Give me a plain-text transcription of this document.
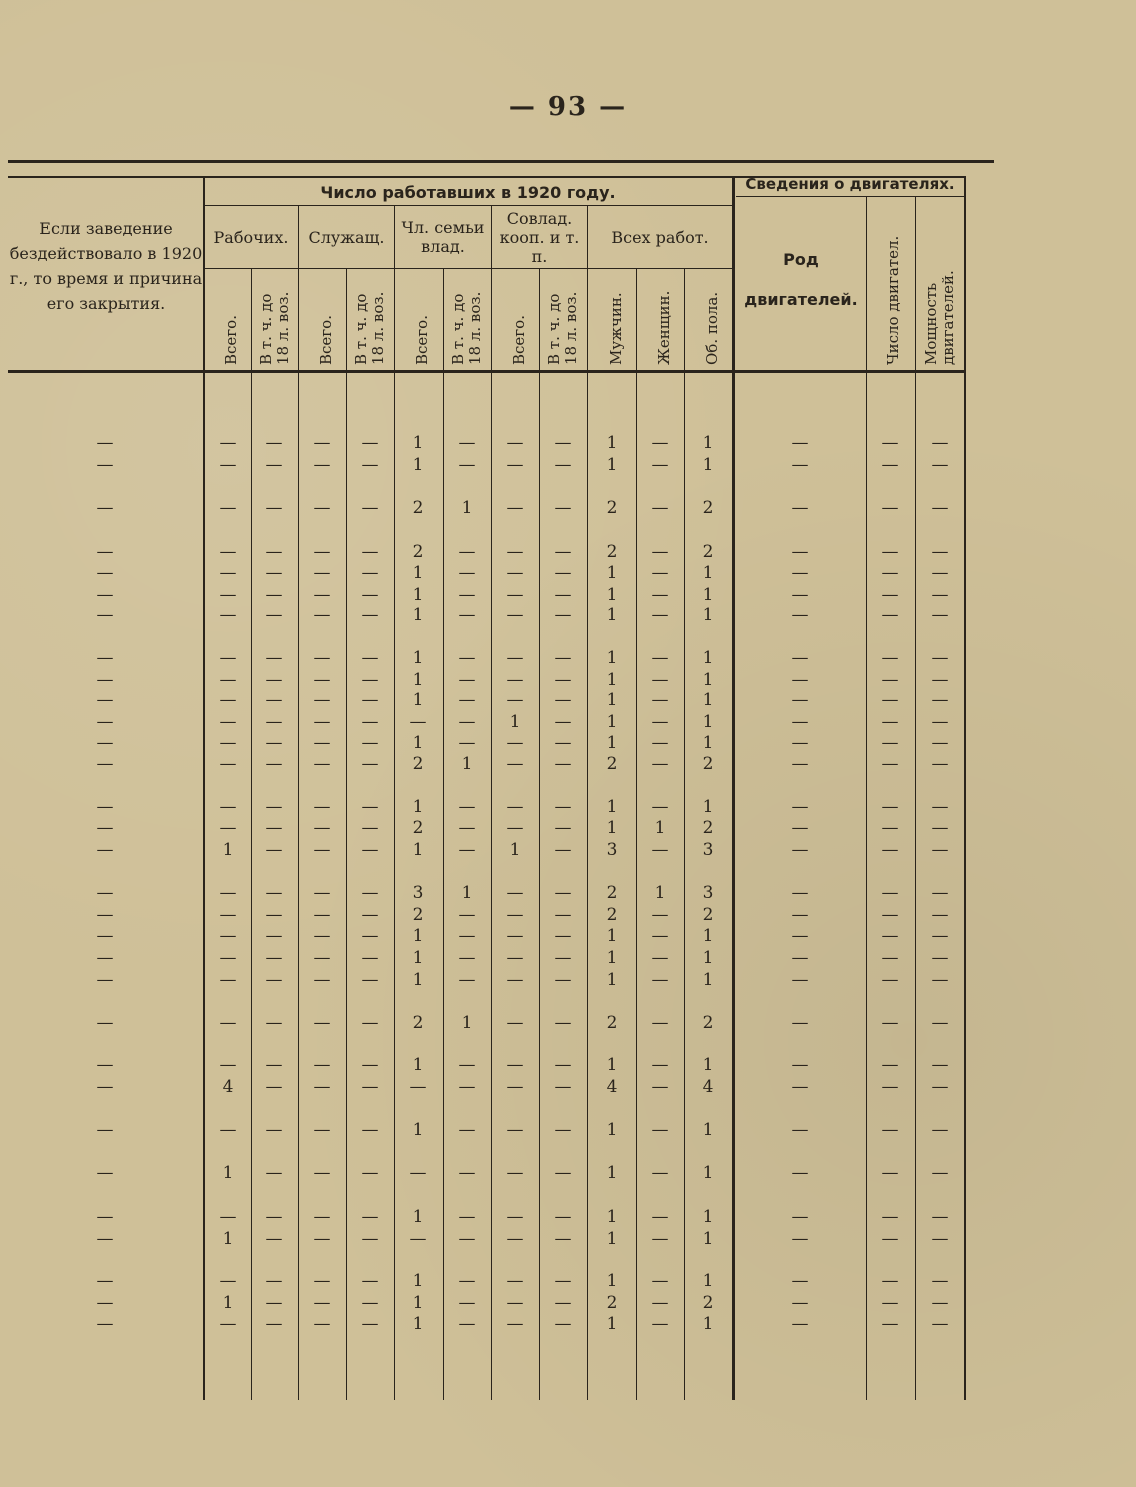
— 93 —
Число работавших в 1920 году.	Сведения о двигателях.
Если заведение бездействовало в 1920 г., то время и причина его закрытия.
Рабочих.	Служащ.	Чл. семьи влад.
Совлад. кооп. и т. п.
Всех работ.
Род двигателей.
Всего.	В т. ч. до 18 л. воз.	Всего.	В т. ч. до 18 л. воз.	Всего.	В т. ч. до 18 л. воз.	Всего.	В т. ч. до 18 л. воз.	Мужчин.	Женщин.	Об. пола.	Число двигател.	Мощность двигателей.
—	—	—	—	—	1	—	—	—	1	—	1	—	—	—
—	—	—	—	—	1	—	—	—	1	—	1	—	—	—
—	—	—	—	—	2	1	—	—	2	—	2	—	—	—
—	—	—	—	—	2	—	—	—	2	—	2	—	—	—
—	—	—	—	—	1	—	—	—	1	—	1	—	—	—
—	—	—	—	—	1	—	—	—	1	—	1	—	—	—
—	—	—	—	—	1	—	—	—	1	—	1	—	—	—
—	—	—	—	—	1	—	—	—	1	—	1	—	—	—
—	—	—	—	—	1	—	—	—	1	—	1	—	—	—
—	—	—	—	—	1	—	—	—	1	—	1	—	—	—
—	—	—	—	—	—	—	1	—	1	—	1	—	—	—
—	—	—	—	—	1	—	—	—	1	—	1	—	—	—
—	—	—	—	—	2	1	—	—	2	—	2	—	—	—
—	—	—	—	—	1	—	—	—	1	—	1	—	—	—
—	—	—	—	—	2	—	—	—	1	1	2	—	—	—
—	1	—	—	—	1	—	1	—	3	—	3	—	—	—
—	—	—	—	—	3	1	—	—	2	1	3	—	—	—
—	—	—	—	—	2	—	—	—	2	—	2	—	—	—
—	—	—	—	—	1	—	—	—	1	—	1	—	—	—
—	—	—	—	—	1	—	—	—	1	—	1	—	—	—
—	—	—	—	—	1	—	—	—	1	—	1	—	—	—
—	—	—	—	—	2	1	—	—	2	—	2	—	—	—
—	—	—	—	—	1	—	—	—	1	—	1	—	—	—
—	4	—	—	—	—	—	—	—	4	—	4	—	—	—
—	—	—	—	—	1	—	—	—	1	—	1	—	—	—
—	1	—	—	—	—	—	—	—	1	—	1	—	—	—
—	—	—	—	—	1	—	—	—	1	—	1	—	—	—
—	1	—	—	—	—	—	—	—	1	—	1	—	—	—
—	—	—	—	—	1	—	—	—	1	—	1	—	—	—
—	1	—	—	—	1	—	—	—	2	—	2	—	—	—
—	—	—	—	—	1	—	—	—	1	—	1	—	—	—
